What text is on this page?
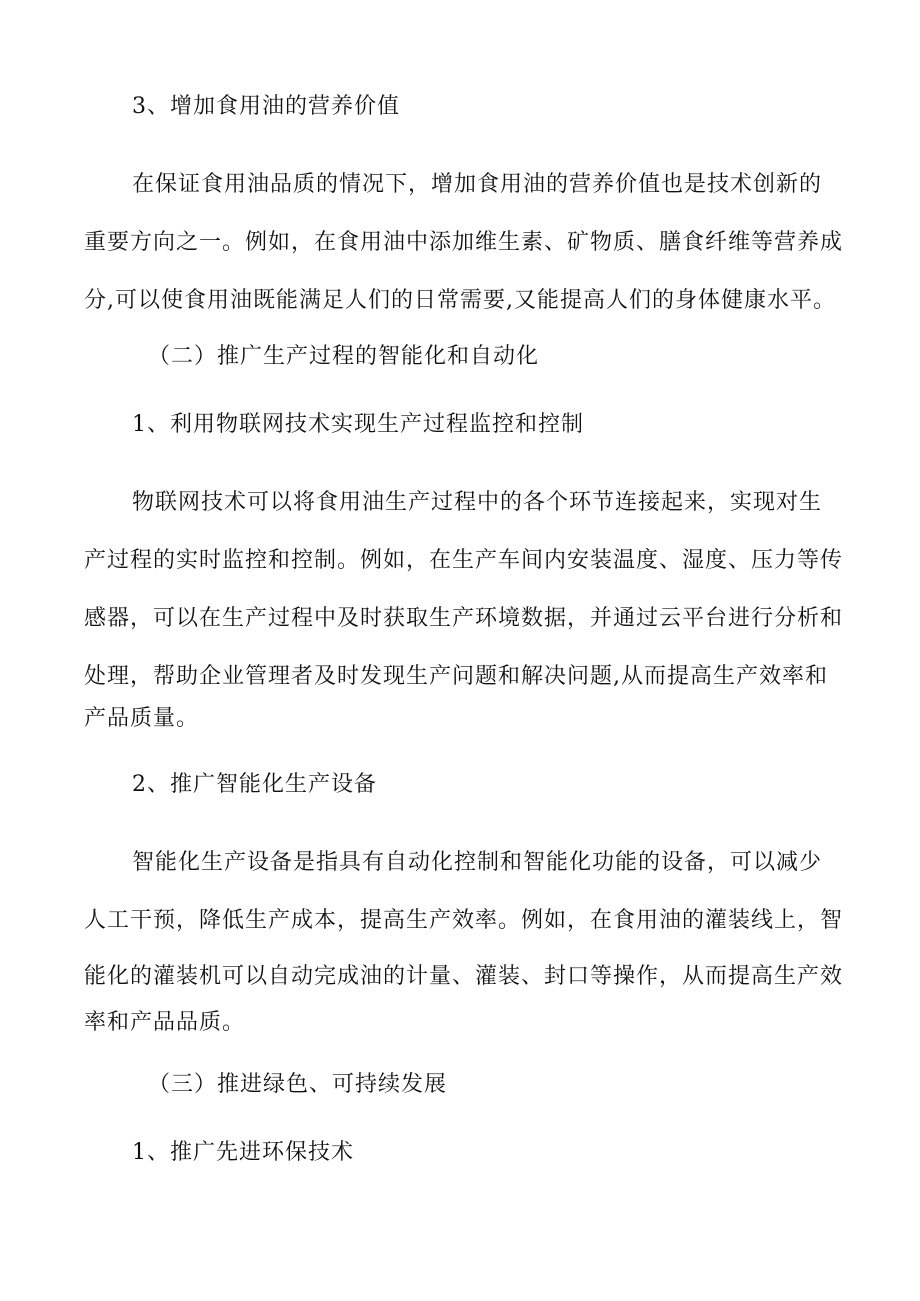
3、增加食用油的营养价值
在保证食用油品质的情况下，增加食用油的营养价值也是技术创新的
重要方向之一。例如，在食用油中添加维生素、矿物质、膳食纤维等营养成
分,可以使食用油既能满足人们的日常需要,又能提高人们的身体健康水平。
（二）推广生产过程的智能化和自动化
1、利用物联网技术实现生产过程监控和控制
物联网技术可以将食用油生产过程中的各个环节连接起来，实现对生
产过程的实时监控和控制。例如，在生产车间内安装温度、湿度、压力等传
感器，可以在生产过程中及时获取生产环境数据，并通过云平台进行分析和
处理，帮助企业管理者及时发现生产问题和解决问题,从而提高生产效率和
产品质量。
2、推广智能化生产设备
智能化生产设备是指具有自动化控制和智能化功能的设备，可以减少
人工干预，降低生产成本，提高生产效率。例如，在食用油的灌装线上，智
能化的灌装机可以自动完成油的计量、灌装、封口等操作，从而提高生产效
率和产品品质。
（三）推进绿色、可持续发展
1、推广先进环保技术
